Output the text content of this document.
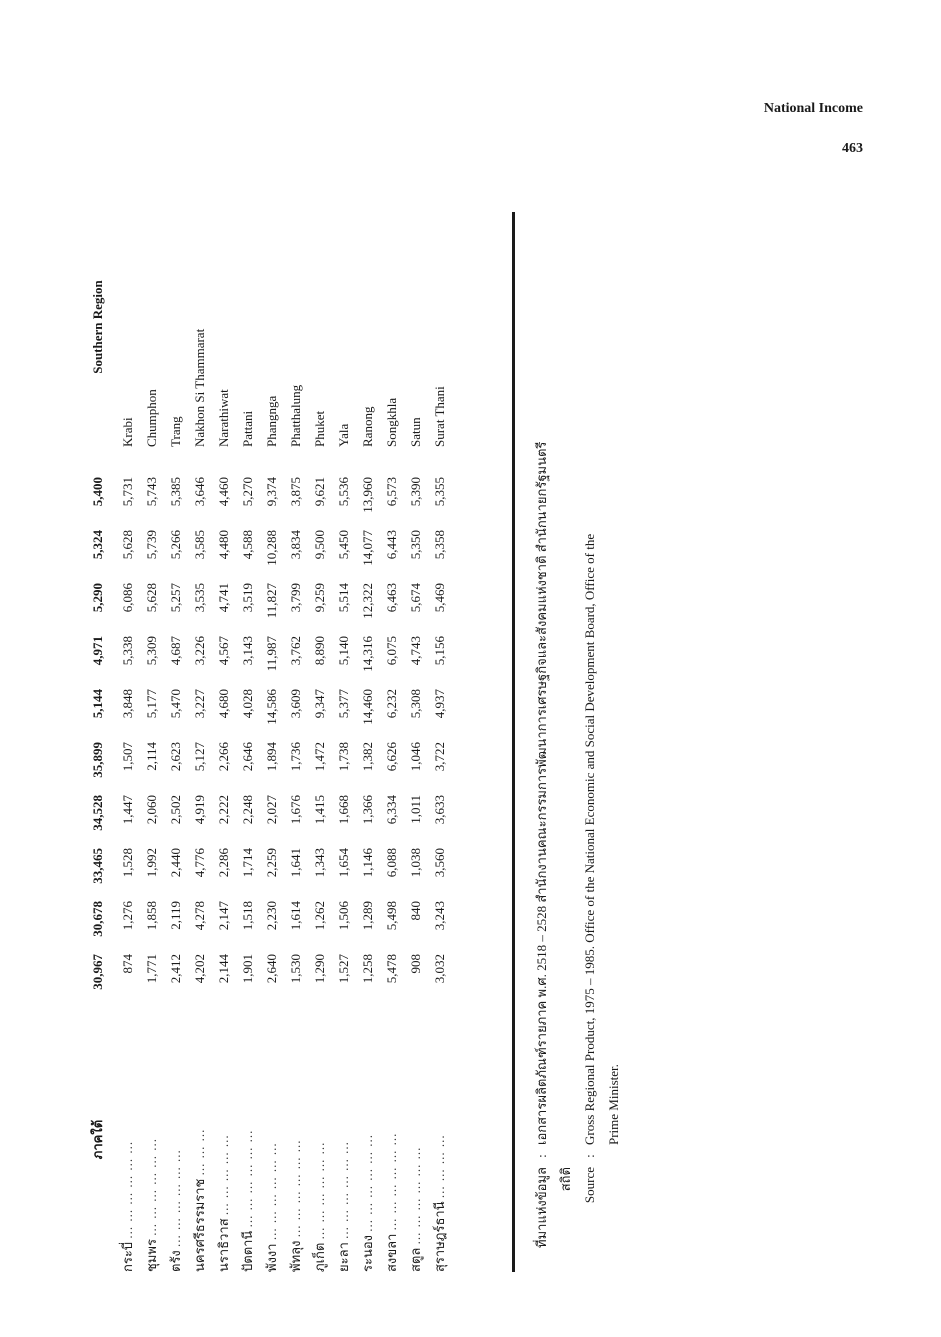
National Income
463
ภาคใต้	30,967	30,678	33,465	34,528	35,899	5,144	4,971	5,290	5,324	5,400	Southern Region
กระบี่ ... ... ... ... ... ...	874	1,276	1,528	1,447	1,507	3,848	5,338	6,086	5,628	5,731	Krabi
ชุมพร ... ... ... ... ... ...	1,771	1,858	1,992	2,060	2,114	5,177	5,309	5,628	5,739	5,743	Chumphon
ตรัง ... ... ... ... ... ...	2,412	2,119	2,440	2,502	2,623	5,470	4,687	5,257	5,266	5,385	Trang
นครศรีธรรมราช ... ... ...	4,202	4,278	4,776	4,919	5,127	3,227	3,226	3,535	3,585	3,646	Nakhon Si Thammarat
นราธิวาส ... ... ... ... ...	2,144	2,147	2,286	2,222	2,266	4,680	4,567	4,741	4,480	4,460	Narathiwat
ปัตตานี ... ... ... ... ... ...	1,901	1,518	1,714	2,248	2,646	4,028	3,143	3,519	4,588	5,270	Pattani
พังงา ... ... ... ... ... ...	2,640	2,230	2,259	2,027	1,894	14,586	11,987	11,827	10,288	9,374	Phangnga
พัทลุง ... ... ... ... ... ...	1,530	1,614	1,641	1,676	1,736	3,609	3,762	3,799	3,834	3,875	Phatthalung
ภูเก็ต ... ... ... ... ... ...	1,290	1,262	1,343	1,415	1,472	9,347	8,890	9,259	9,500	9,621	Phuket
ยะลา ... ... ... ... ... ...	1,527	1,506	1,654	1,668	1,738	5,377	5,140	5,514	5,450	5,536	Yala
ระนอง ... ... ... ... ... ...	1,258	1,289	1,146	1,366	1,382	14,460	14,316	12,322	14,077	13,960	Ranong
สงขลา ... ... ... ... ... ...	5,478	5,498	6,088	6,334	6,626	6,232	6,075	6,463	6,443	6,573	Songkhla
สตูล ... ... ... ... ... ...	908	840	1,038	1,011	1,046	5,308	4,743	5,674	5,350	5,390	Satun
สุราษฎร์ธานี ... ... ... ...	3,032	3,243	3,560	3,633	3,722	4,937	5,156	5,469	5,358	5,355	Surat Thani
ที่มาแห่งข้อมูลสถิติ
:
เอกสารผลิตภัณฑ์รายภาค พ.ศ. 2518 – 2528 สำนักงานคณะกรรมการพัฒนาการเศรษฐกิจและสังคมแห่งชาติ สำนักนายกรัฐมนตรี
Source
:
Gross Regional Product, 1975 – 1985. Office of the National Economic and Social Development Board, Office of the Prime Minister.
